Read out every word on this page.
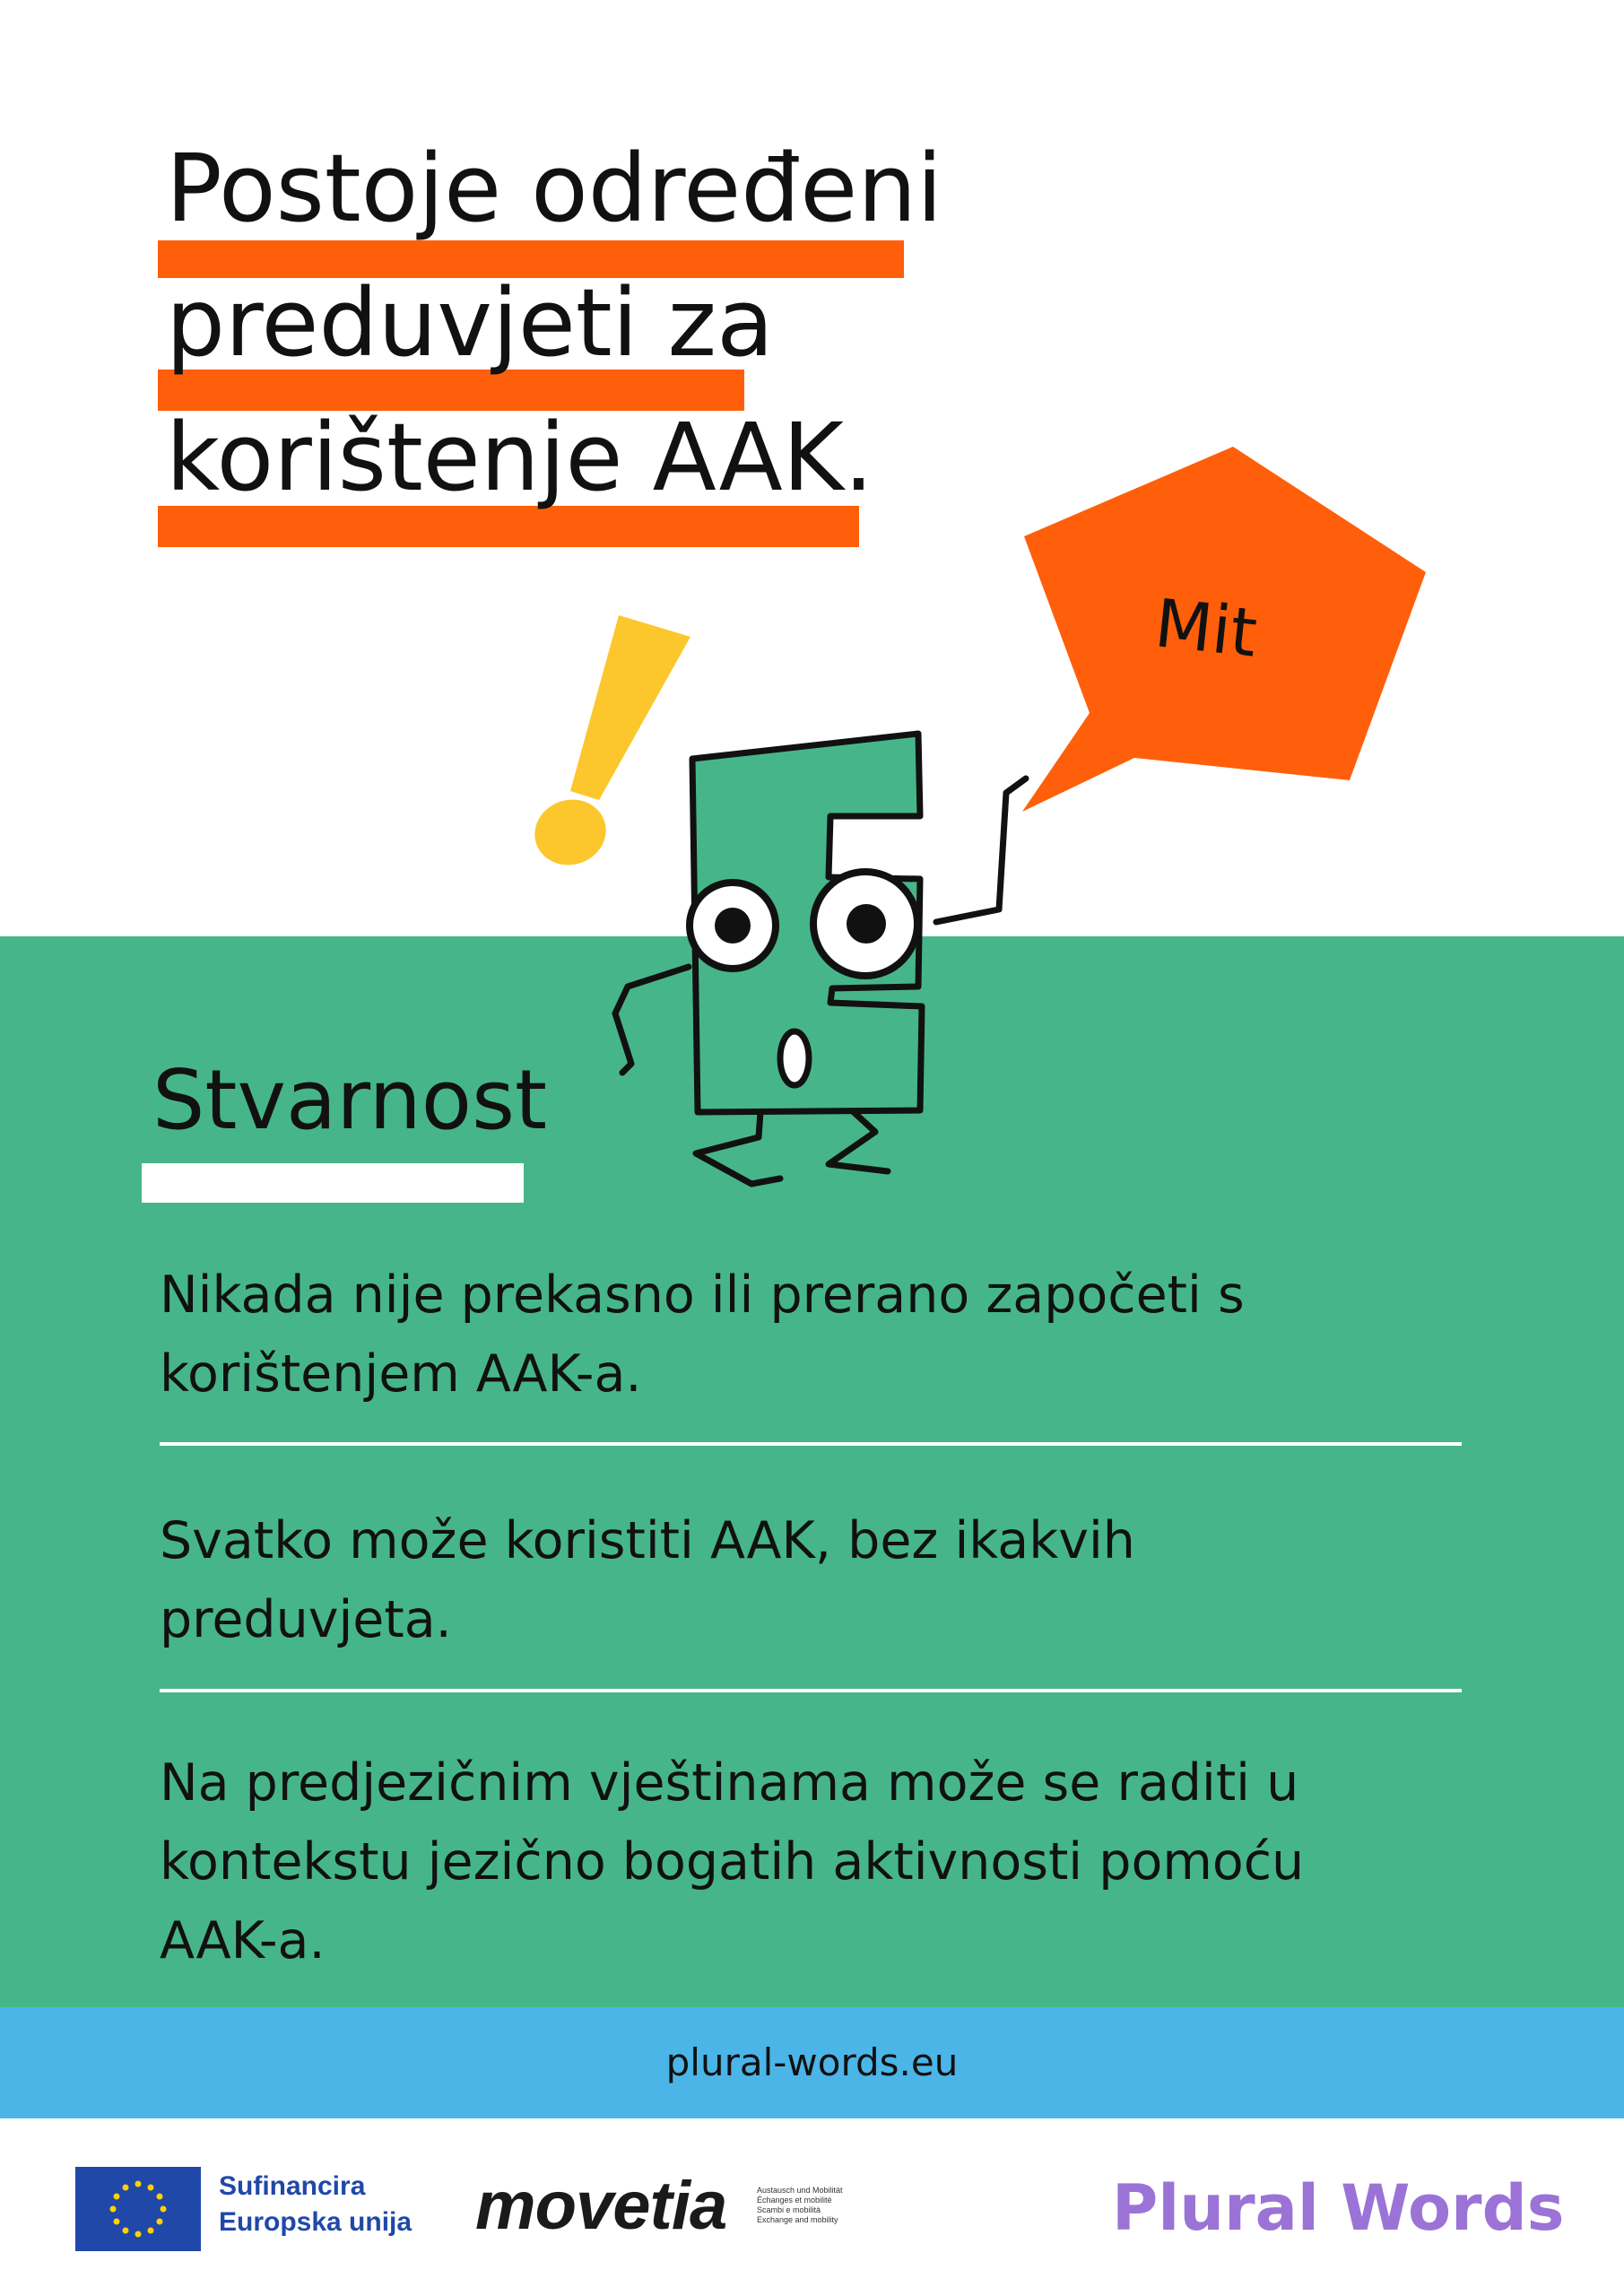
Postoje određeni
preduvjeti za
korištenje AAK.
Mit
Stvarnost
Nikada nije prekasno ili prerano započeti s korištenjem AAK-a.
Svatko može koristiti AAK, bez ikakvih preduvjeta.
Na predjezičnim vještinama može se raditi u kontekstu jezično bogatih aktivnosti pomoću AAK-a.
plural-words.eu
Sufinancira
Europska unija movetia	Austausch und Mobilität
Échanges et mobilité
Scambi e mobilità
Exchange and mobility	Plural Words
